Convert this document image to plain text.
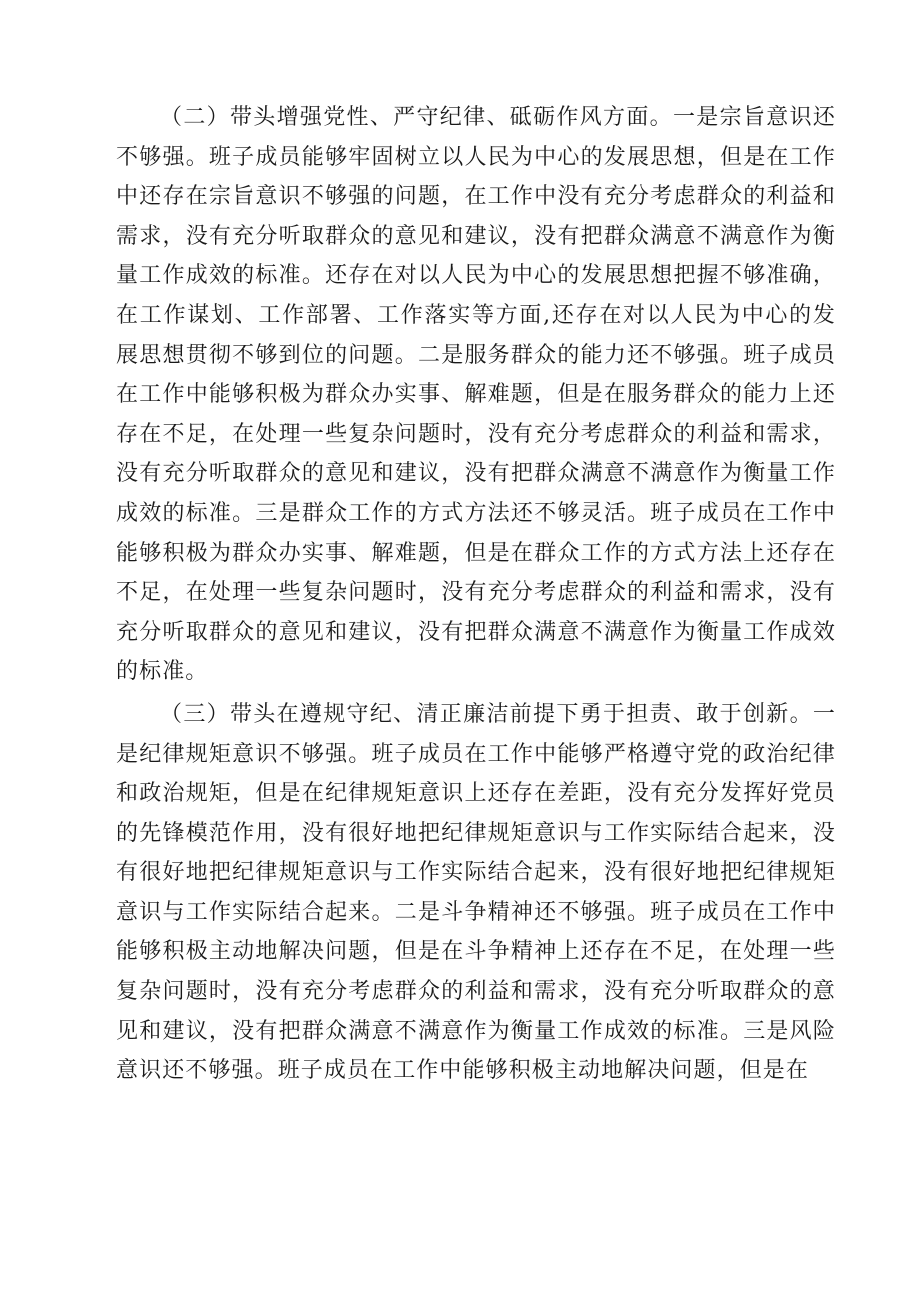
（二）带头增强党性、严守纪律、砥砺作风方面。一是宗旨意识还不够强。班子成员能够牢固树立以人民为中心的发展思想，但是在工作中还存在宗旨意识不够强的问题，在工作中没有充分考虑群众的利益和需求，没有充分听取群众的意见和建议，没有把群众满意不满意作为衡量工作成效的标准。还存在对以人民为中心的发展思想把握不够准确，在工作谋划、工作部署、工作落实等方面,还存在对以人民为中心的发展思想贯彻不够到位的问题。二是服务群众的能力还不够强。班子成员在工作中能够积极为群众办实事、解难题，但是在服务群众的能力上还存在不足，在处理一些复杂问题时，没有充分考虑群众的利益和需求，没有充分听取群众的意见和建议，没有把群众满意不满意作为衡量工作成效的标准。三是群众工作的方式方法还不够灵活。班子成员在工作中能够积极为群众办实事、解难题，但是在群众工作的方式方法上还存在不足，在处理一些复杂问题时，没有充分考虑群众的利益和需求，没有充分听取群众的意见和建议，没有把群众满意不满意作为衡量工作成效的标准。

（三）带头在遵规守纪、清正廉洁前提下勇于担责、敢于创新。一是纪律规矩意识不够强。班子成员在工作中能够严格遵守党的政治纪律和政治规矩，但是在纪律规矩意识上还存在差距，没有充分发挥好党员的先锋模范作用，没有很好地把纪律规矩意识与工作实际结合起来，没有很好地把纪律规矩意识与工作实际结合起来，没有很好地把纪律规矩意识与工作实际结合起来。二是斗争精神还不够强。班子成员在工作中能够积极主动地解决问题，但是在斗争精神上还存在不足，在处理一些复杂问题时，没有充分考虑群众的利益和需求，没有充分听取群众的意见和建议，没有把群众满意不满意作为衡量工作成效的标准。三是风险意识还不够强。班子成员在工作中能够积极主动地解决问题，但是在
